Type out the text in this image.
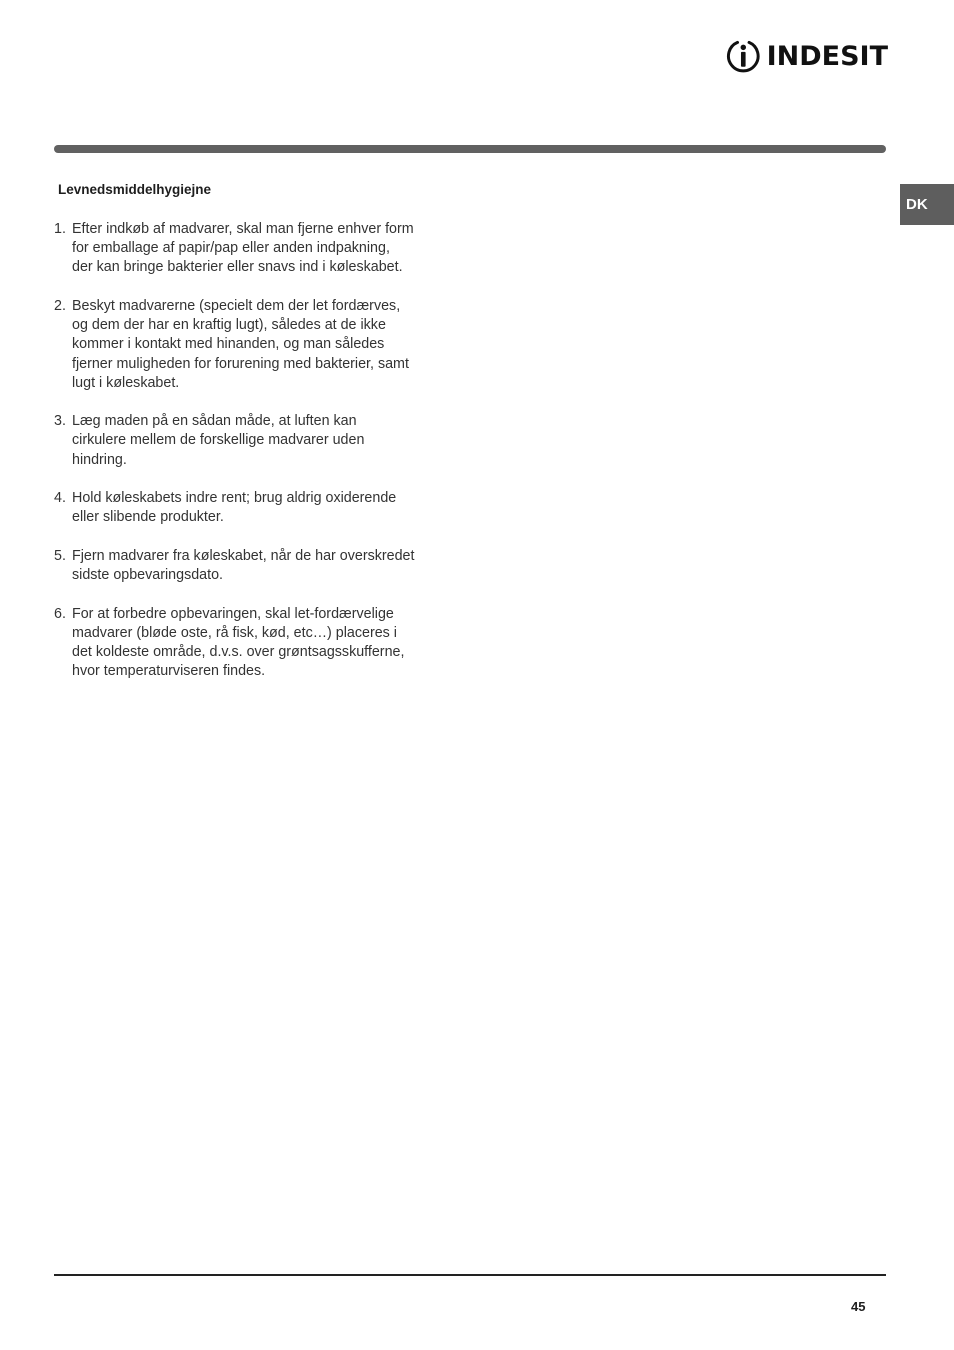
INDESIT
DK
Levnedsmiddelhygiejne
1. Efter indkøb af madvarer, skal man fjerne enhver form
for emballage af papir/pap eller anden indpakning,
der kan bringe bakterier eller snavs ind i køleskabet.
2. Beskyt madvarerne (specielt dem der let fordærves,
og dem der har en kraftig lugt), således at de ikke
kommer i kontakt med hinanden, og man således
fjerner muligheden for forurening med bakterier, samt
lugt i køleskabet.
3. Læg maden på en sådan måde, at luften kan
cirkulere mellem de forskellige madvarer uden
hindring.
4. Hold køleskabets indre rent; brug aldrig oxiderende
eller slibende produkter.
5. Fjern madvarer fra køleskabet, når de har overskredet
sidste opbevaringsdato.
6. For at forbedre opbevaringen, skal let-fordærvelige
madvarer (bløde oste, rå fisk, kød, etc…) placeres i
det koldeste område, d.v.s. over grøntsagsskufferne,
hvor temperaturviseren findes.
45
